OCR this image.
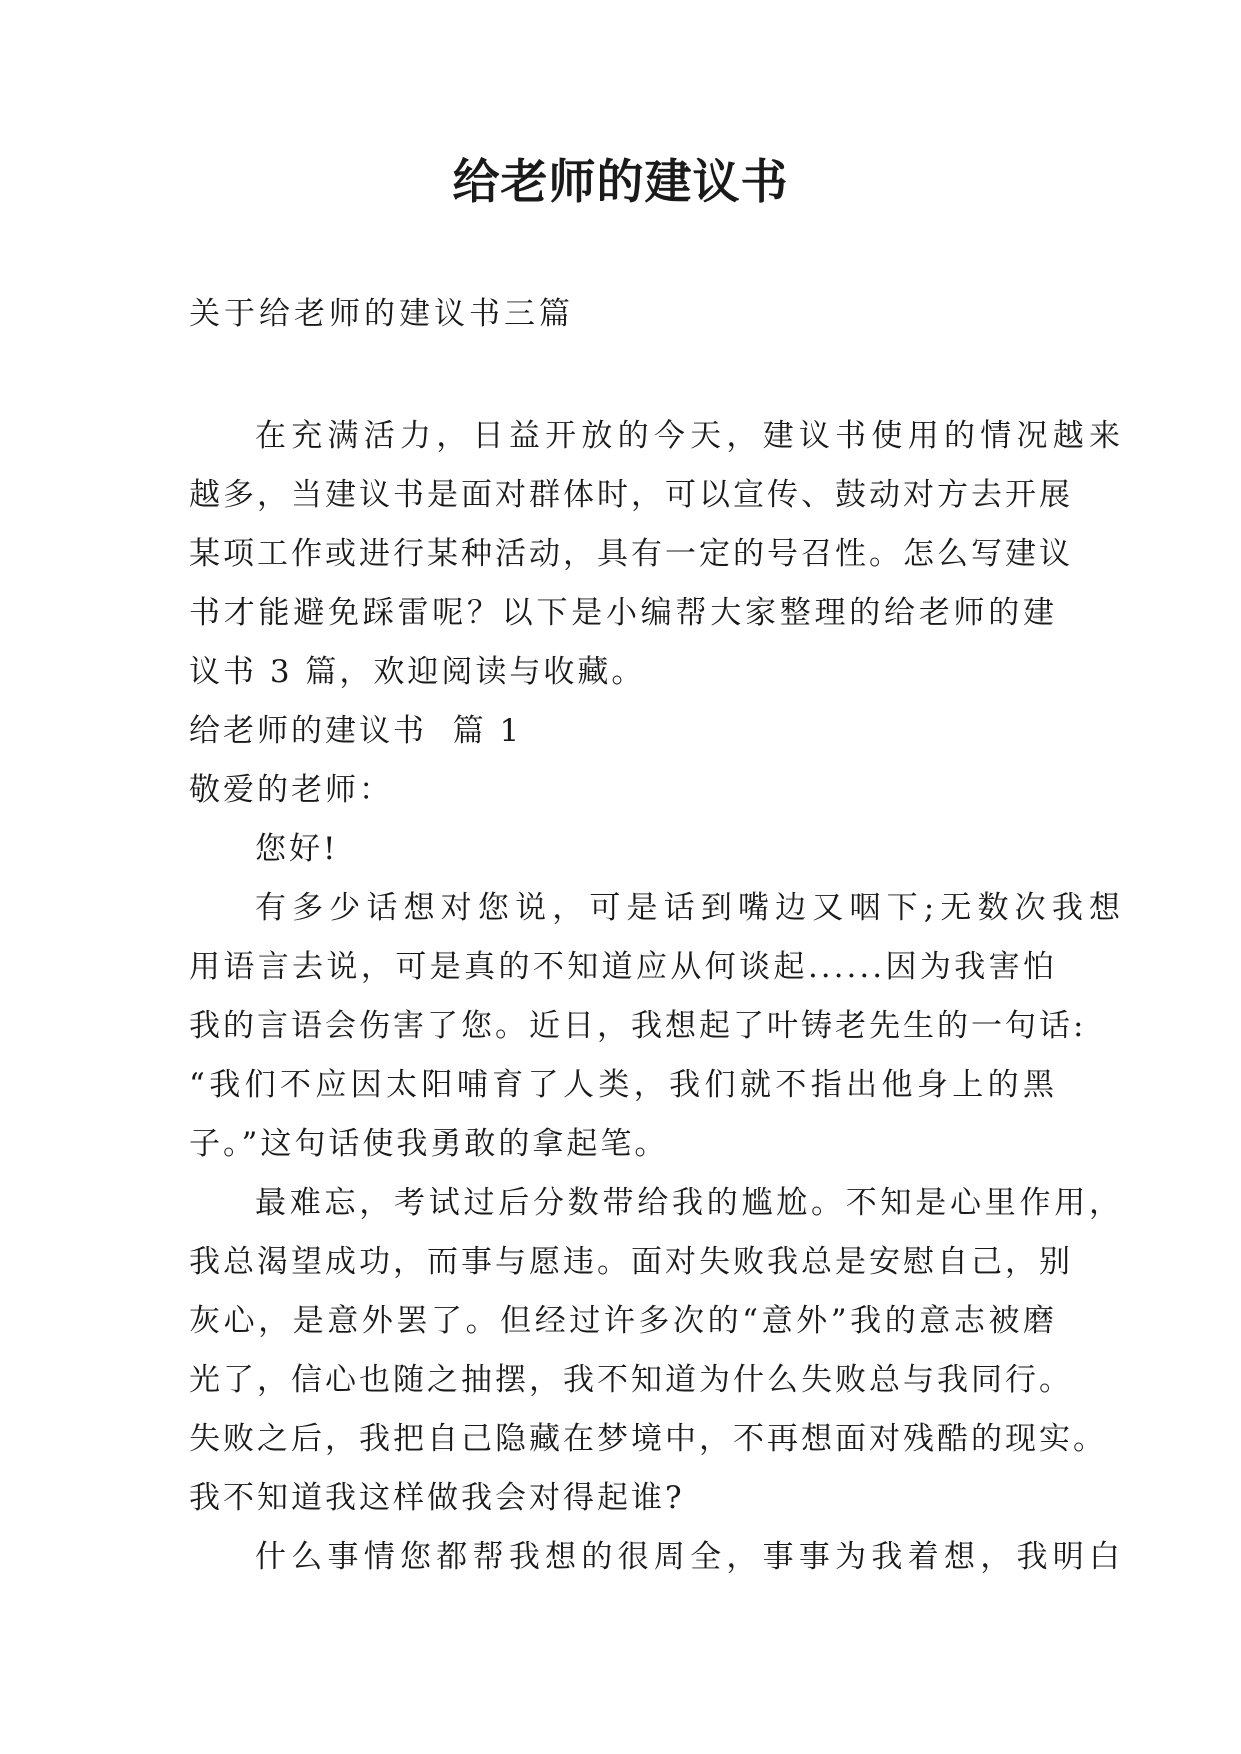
给老师的建议书

关于给老师的建议书三篇

在充满活力，日益开放的今天，建议书使用的情况越来
越多，当建议书是面对群体时，可以宣传、鼓动对方去开展
某项工作或进行某种活动，具有一定的号召性。怎么写建议
书才能避免踩雷呢？以下是小编帮大家整理的给老师的建
议书 3 篇，欢迎阅读与收藏。
给老师的建议书  篇 1
敬爱的老师：
您好!
有多少话想对您说，可是话到嘴边又咽下;无数次我想
用语言去说，可是真的不知道应从何谈起......因为我害怕
我的言语会伤害了您。近日，我想起了叶铸老先生的一句话:
“我们不应因太阳哺育了人类，我们就不指出他身上的黑
子。”这句话使我勇敢的拿起笔。
最难忘，考试过后分数带给我的尴尬。不知是心里作用，
我总渴望成功，而事与愿违。面对失败我总是安慰自己，别
灰心，是意外罢了。但经过许多次的“意外”我的意志被磨
光了，信心也随之抽摆，我不知道为什么失败总与我同行。
失败之后，我把自己隐藏在梦境中，不再想面对残酷的现实。
我不知道我这样做我会对得起谁?
什么事情您都帮我想的很周全，事事为我着想，我明白
